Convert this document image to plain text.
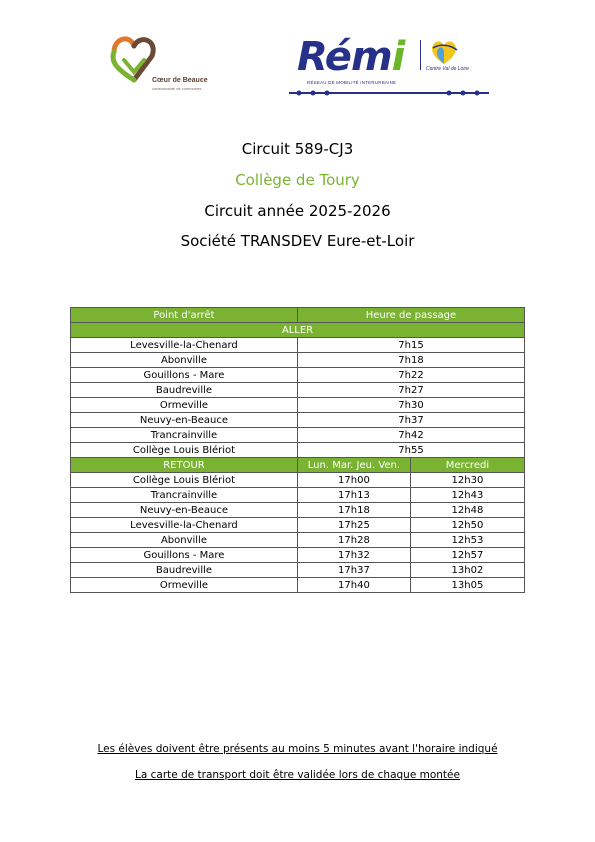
Cœur de Beauce
communauté de communes
Rémi	Centre Val de Loire
RÉSEAU DE MOBILITÉ INTERURBAINE
Circuit 589-CJ3
Collège de Toury
Circuit année 2025-2026
Société TRANSDEV Eure-et-Loir
Point d'arrêt	Heure de passage	
ALLER		
Levesville-la-Chenard	7h15	
Abonville	7h18	
Gouillons - Mare	7h22	
Baudreville	7h27	
Ormeville	7h30	
Neuvy-en-Beauce	7h37	
Trancrainville	7h42	
Collège Louis Blériot	7h55	
RETOUR	Lun. Mar. Jeu. Ven.	Mercredi
Collège Louis Blériot	17h00	12h30
Trancrainville	17h13	12h43
Neuvy-en-Beauce	17h18	12h48
Levesville-la-Chenard	17h25	12h50
Abonville	17h28	12h53
Gouillons - Mare	17h32	12h57
Baudreville	17h37	13h02
Ormeville	17h40	13h05
Les élèves doivent être présents au moins 5 minutes avant l'horaire indiqué
La carte de transport doit être validée lors de chaque montée
